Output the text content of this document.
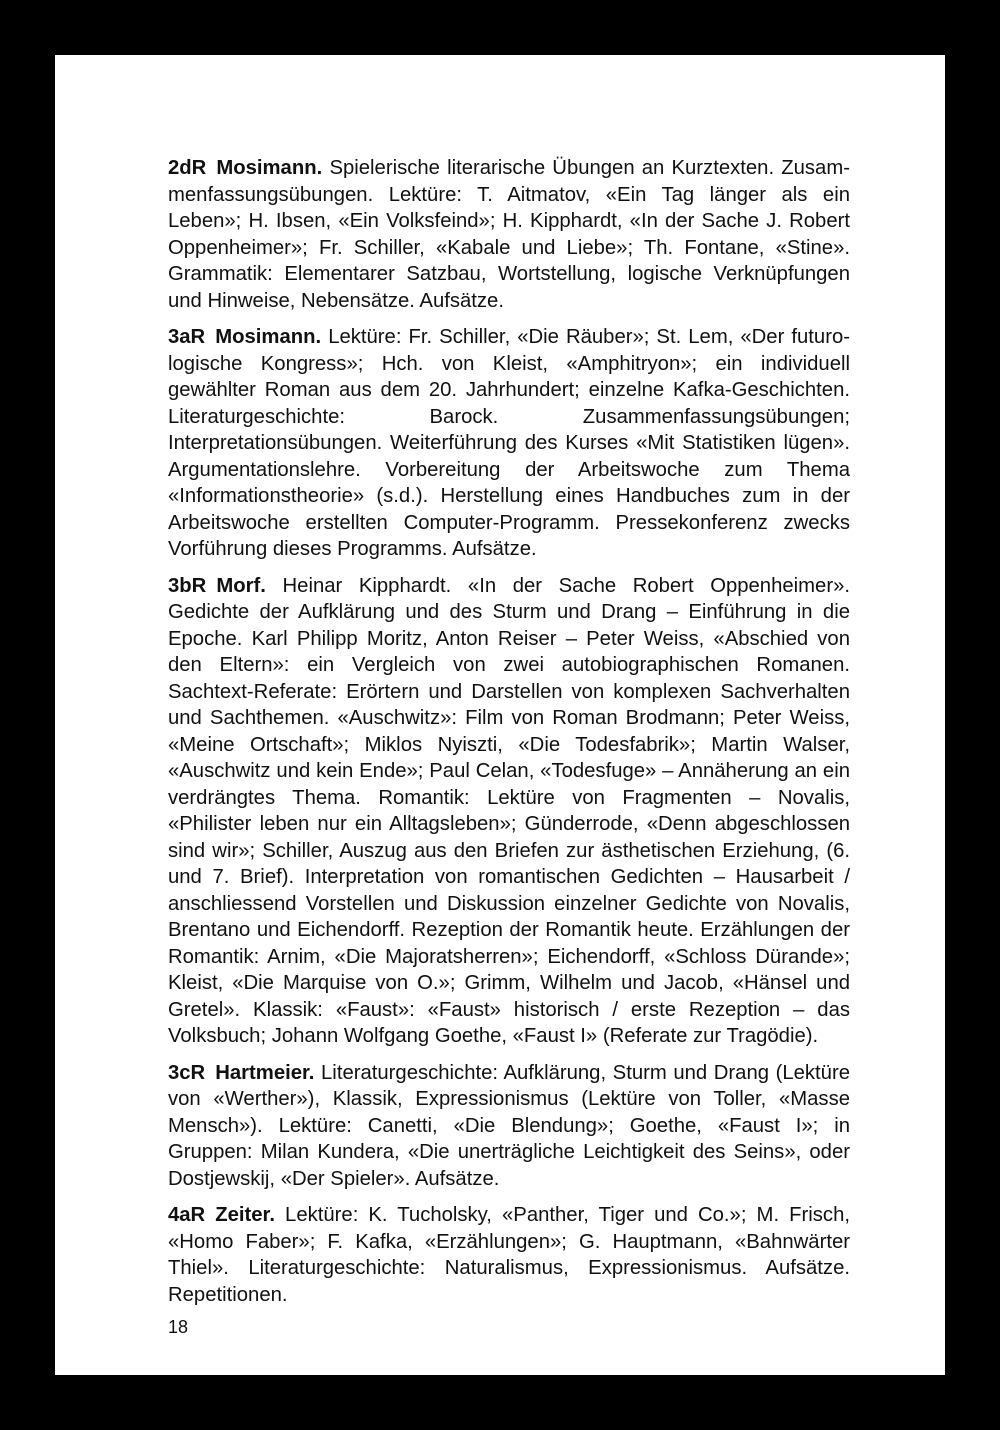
2dR Mosimann. Spielerische literarische Übungen an Kurztexten. Zusammenfassungsübungen. Lektüre: T. Aitmatov, «Ein Tag länger als ein Leben»; H. Ibsen, «Ein Volksfeind»; H. Kipphardt, «In der Sache J. Robert Oppenheimer»; Fr. Schiller, «Kabale und Liebe»; Th. Fontane, «Stine». Grammatik: Elementarer Satzbau, Wortstellung, logische Verknüpfungen und Hinweise, Nebensätze. Aufsätze.

3aR Mosimann. Lektüre: Fr. Schiller, «Die Räuber»; St. Lem, «Der futurologische Kongress»; Hch. von Kleist, «Amphitryon»; ein individuell gewählter Roman aus dem 20. Jahrhundert; einzelne Kafka-Geschichten. Literaturgeschichte: Barock. Zusammenfassungsübungen; Interpretationsübungen. Weiterführung des Kurses «Mit Statistiken lügen». Argumentationslehre. Vorbereitung der Arbeitswoche zum Thema «Informationstheorie» (s.d.). Herstellung eines Handbuches zum in der Arbeitswoche erstellten Computer-Programm. Pressekonferenz zwecks Vorführung dieses Programms. Aufsätze.

3bR Morf. Heinar Kipphardt. «In der Sache Robert Oppenheimer». Gedichte der Aufklärung und des Sturm und Drang – Einführung in die Epoche. Karl Philipp Moritz, Anton Reiser – Peter Weiss, «Abschied von den Eltern»: ein Vergleich von zwei autobiographischen Romanen. Sachtext-Referate: Erörtern und Darstellen von komplexen Sachverhalten und Sachthemen. «Auschwitz»: Film von Roman Brodmann; Peter Weiss, «Meine Ortschaft»; Miklos Nyiszti, «Die Todesfabrik»; Martin Walser, «Auschwitz und kein Ende»; Paul Celan, «Todesfuge» – Annäherung an ein verdrängtes Thema. Romantik: Lektüre von Fragmenten – Novalis, «Philister leben nur ein Alltagsleben»; Günderrode, «Denn abgeschlossen sind wir»; Schiller, Auszug aus den Briefen zur ästhetischen Erziehung, (6. und 7. Brief). Interpretation von romantischen Gedichten – Hausarbeit / anschliessend Vorstellen und Diskussion einzelner Gedichte von Novalis, Brentano und Eichendorff. Rezeption der Romantik heute. Erzählungen der Romantik: Arnim, «Die Majoratsherren»; Eichendorff, «Schloss Dürande»; Kleist, «Die Marquise von O.»; Grimm, Wilhelm und Jacob, «Hänsel und Gretel». Klassik: «Faust»: «Faust» historisch / erste Rezeption – das Volksbuch; Johann Wolfgang Goethe, «Faust I» (Referate zur Tragödie).

3cR Hartmeier. Literaturgeschichte: Aufklärung, Sturm und Drang (Lektüre von «Werther»), Klassik, Expressionismus (Lektüre von Toller, «Masse Mensch»). Lektüre: Canetti, «Die Blendung»; Goethe, «Faust I»; in Gruppen: Milan Kundera, «Die unerträgliche Leichtigkeit des Seins», oder Dostjewskij, «Der Spieler». Aufsätze.

4aR Zeiter. Lektüre: K. Tucholsky, «Panther, Tiger und Co.»; M. Frisch, «Homo Faber»; F. Kafka, «Erzählungen»; G. Hauptmann, «Bahnwärter Thiel». Literaturgeschichte: Naturalismus, Expressionismus. Aufsätze. Repetitionen.

18
